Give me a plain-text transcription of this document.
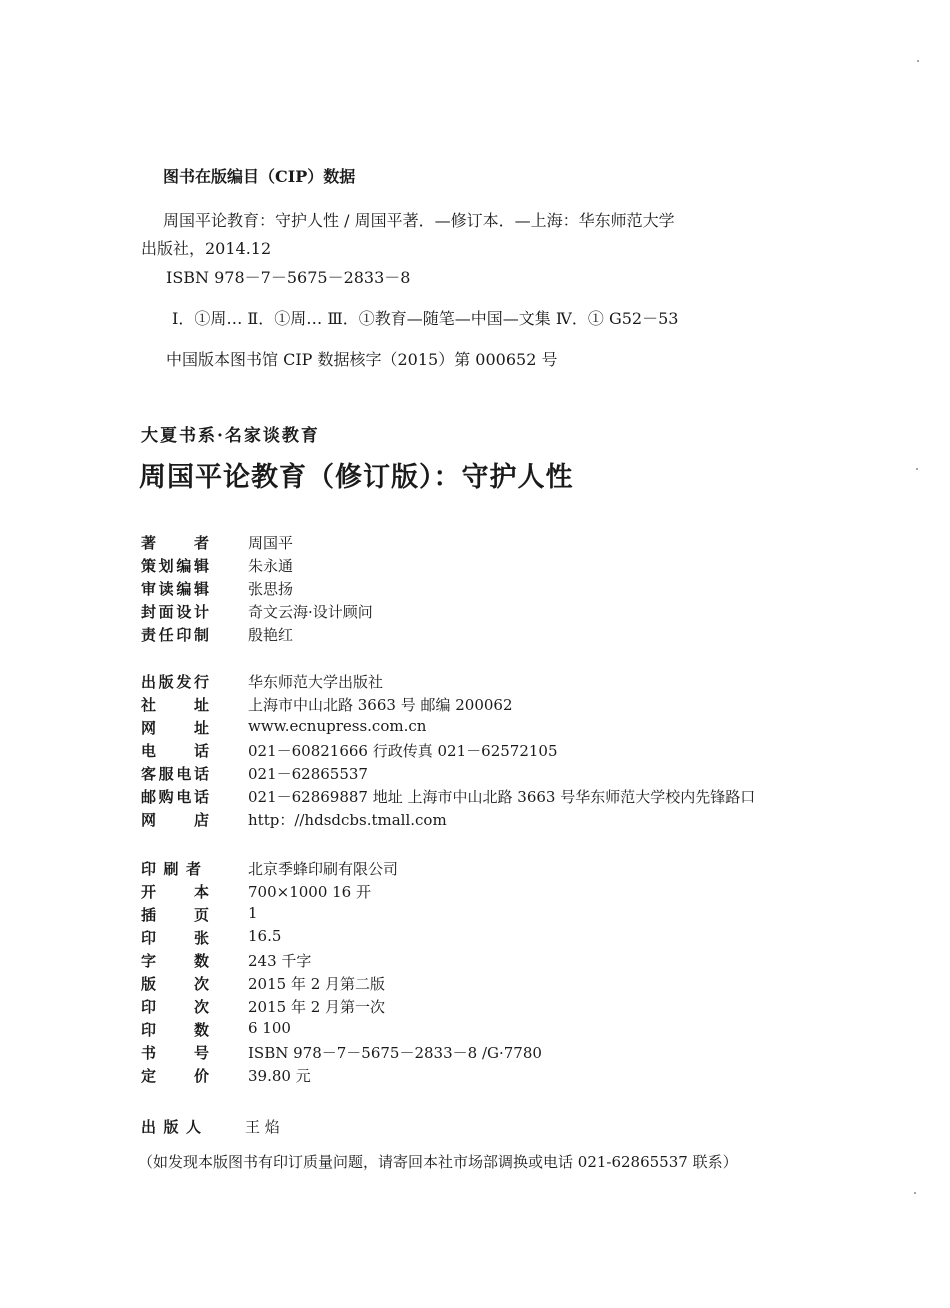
图书在版编目（CIP）数据
周国平论教育：守护人性 / 周国平著．—修订本．—上海：华东师范大学
出版社，2014.12
ISBN 978－7－5675－2833－8
Ⅰ．①周… Ⅱ．①周… Ⅲ．①教育—随笔—中国—文集 Ⅳ．① G52－53
中国版本图书馆 CIP 数据核字（2015）第 000652 号
大夏书系·名家谈教育
周国平论教育（修订版）：守护人性
著者	周国平
策划编辑	朱永通
审读编辑	张思扬
封面设计	奇文云海·设计顾问
责任印制	殷艳红
出版发行	华东师范大学出版社
社址	上海市中山北路 3663 号 邮编 200062
网址	www.ecnupress.com.cn
电话	021－60821666 行政传真 021－62572105
客服电话	021－62865537
邮购电话	021－62869887 地址 上海市中山北路 3663 号华东师范大学校内先锋路口
网店	http：//hdsdcbs.tmall.com
印刷者	北京季蜂印刷有限公司
开本	700×1000 16 开
插页	1
印张	16.5
字数	243 千字
版次	2015 年 2 月第二版
印次	2015 年 2 月第一次
印数	6 100
书号	ISBN 978－7－5675－2833－8 /G·7780
定价	39.80 元
出版人	王 焰
（如发现本版图书有印订质量问题，请寄回本社市场部调换或电话 021-62865537 联系）
